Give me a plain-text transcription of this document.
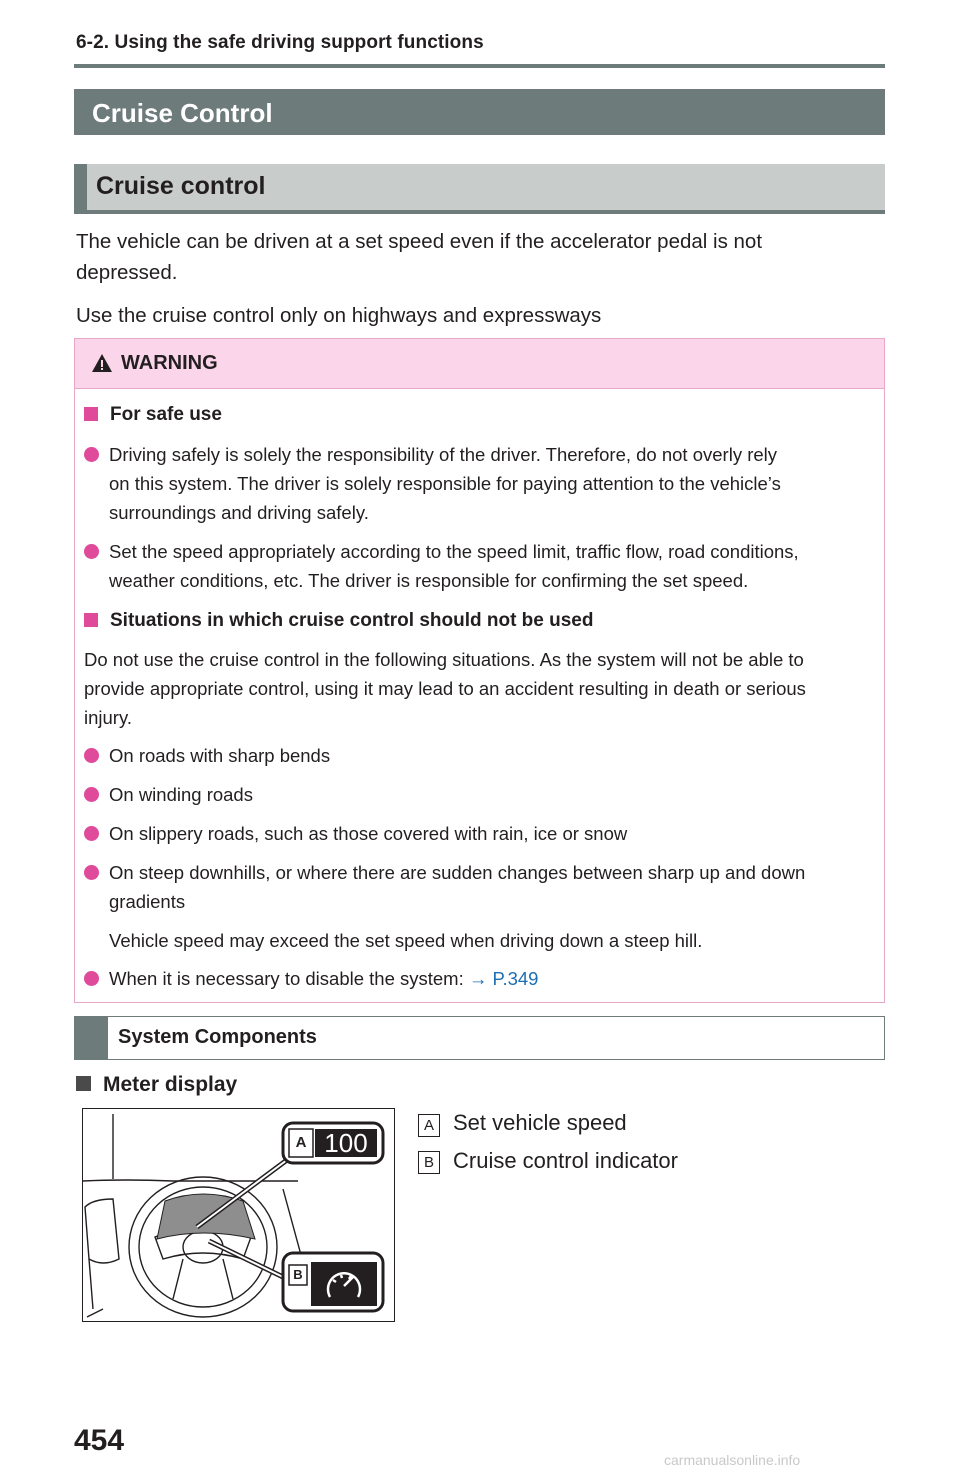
6-2. Using the safe driving support functions
Cruise Control
Cruise control
The vehicle can be driven at a set speed even if the accelerator pedal is not
depressed.
Use the cruise control only on highways and expressways
WARNING
For safe use
Driving safely is solely the responsibility of the driver. Therefore, do not overly rely
on this system. The driver is solely responsible for paying attention to the vehicle’s
surroundings and driving safely.
Set the speed appropriately according to the speed limit, traffic flow, road conditions,
weather conditions, etc. The driver is responsible for confirming the set speed.
Situations in which cruise control should not be used
Do not use the cruise control in the following situations. As the system will not be able to
provide appropriate control, using it may lead to an accident resulting in death or serious
injury.
On roads with sharp bends
On winding roads
On slippery roads, such as those covered with rain, ice or snow
On steep downhills, or where there are sudden changes between sharp up and down
gradients
Vehicle speed may exceed the set speed when driving down a steep hill.
When it is necessary to disable the system: → P.349
System Components
Meter display
A 100
B
A Set vehicle speed
B Cruise control indicator
454
carmanualsonline.info
